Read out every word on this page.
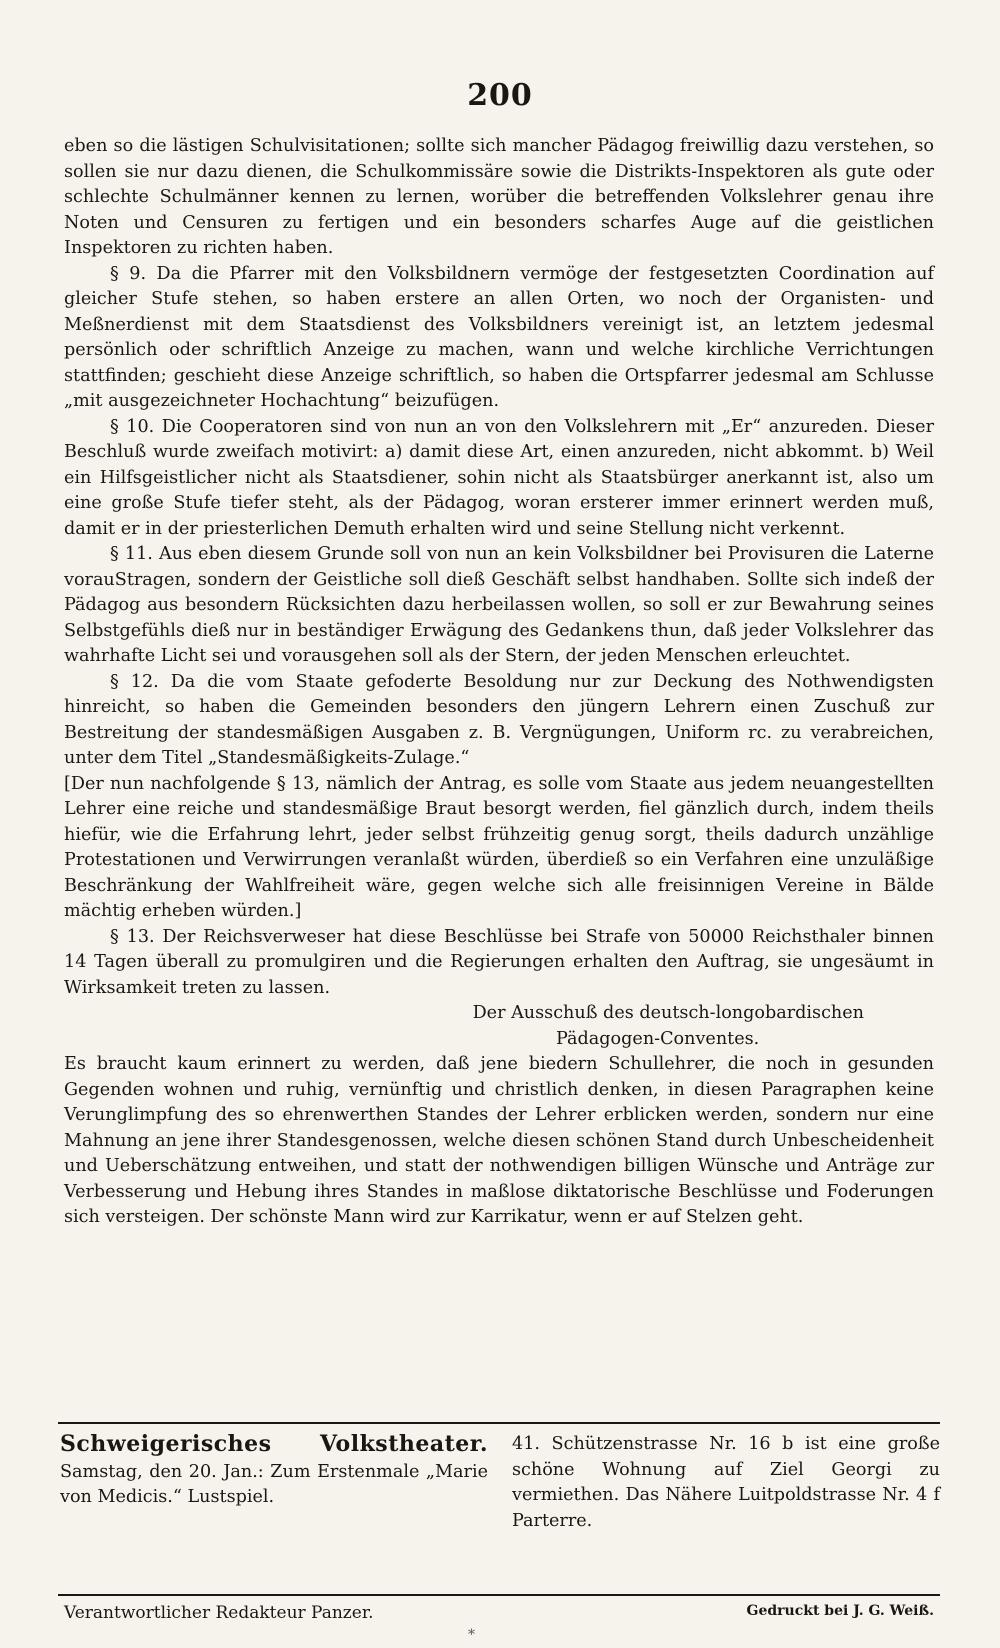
200

eben so die lästigen Schulvisitationen; sollte sich mancher Pädagog freiwillig dazu verstehen, so sollen sie nur dazu dienen, die Schulkommissäre sowie die Distrikts-Inspektoren als gute oder schlechte Schulmänner kennen zu lernen, worüber die betreffenden Volkslehrer genau ihre Noten und Censuren zu fertigen und ein besonders scharfes Auge auf die geistlichen Inspektoren zu richten haben.

§ 9. Da die Pfarrer mit den Volksbildnern vermöge der festgesetzten Coordination auf gleicher Stufe stehen, so haben erstere an allen Orten, wo noch der Organisten- und Meßnerdienst mit dem Staatsdienst des Volksbildners vereinigt ist, an letztem jedesmal persönlich oder schriftlich Anzeige zu machen, wann und welche kirchliche Verrichtungen stattfinden; geschieht diese Anzeige schriftlich, so haben die Ortspfarrer jedesmal am Schlusse „mit ausgezeichneter Hochachtung“ beizufügen.

§ 10. Die Cooperatoren sind von nun an von den Volkslehrern mit „Er“ anzureden. Dieser Beschluß wurde zweifach motivirt: a) damit diese Art, einen anzureden, nicht abkommt. b) Weil ein Hilfsgeistlicher nicht als Staatsdiener, sohin nicht als Staatsbürger anerkannt ist, also um eine große Stufe tiefer steht, als der Pädagog, woran ersterer immer erinnert werden muß, damit er in der priesterlichen Demuth erhalten wird und seine Stellung nicht verkennt.

§ 11. Aus eben diesem Grunde soll von nun an kein Volksbildner bei Provisuren die Laterne vorauStragen, sondern der Geistliche soll dieß Geschäft selbst handhaben. Sollte sich indeß der Pädagog aus besondern Rücksichten dazu herbeilassen wollen, so soll er zur Bewahrung seines Selbstgefühls dieß nur in beständiger Erwägung des Gedankens thun, daß jeder Volkslehrer das wahrhafte Licht sei und vorausgehen soll als der Stern, der jeden Menschen erleuchtet.

§ 12. Da die vom Staate gefoderte Besoldung nur zur Deckung des Nothwendigsten hinreicht, so haben die Gemeinden besonders den jüngern Lehrern einen Zuschuß zur Bestreitung der standesmäßigen Ausgaben z. B. Vergnügungen, Uniform rc. zu verabreichen, unter dem Titel „Standesmäßigkeits-Zulage.“

[Der nun nachfolgende § 13, nämlich der Antrag, es solle vom Staate aus jedem neuangestellten Lehrer eine reiche und standesmäßige Braut besorgt werden, fiel gänzlich durch, indem theils hiefür, wie die Erfahrung lehrt, jeder selbst frühzeitig genug sorgt, theils dadurch unzählige Protestationen und Verwirrungen veranlaßt würden, überdieß so ein Verfahren eine unzuläßige Beschränkung der Wahlfreiheit wäre, gegen welche sich alle freisinnigen Vereine in Bälde mächtig erheben würden.]

§ 13. Der Reichsverweser hat diese Beschlüsse bei Strafe von 50000 Reichsthaler binnen 14 Tagen überall zu promulgiren und die Regierungen erhalten den Auftrag, sie ungesäumt in Wirksamkeit treten zu lassen.

Der Ausschuß des deutsch-longobardischen

Pädagogen-Conventes.

Es braucht kaum erinnert zu werden, daß jene biedern Schullehrer, die noch in gesunden Gegenden wohnen und ruhig, vernünftig und christlich denken, in diesen Paragraphen keine Verunglimpfung des so ehrenwerthen Standes der Lehrer erblicken werden, sondern nur eine Mahnung an jene ihrer Standesgenossen, welche diesen schönen Stand durch Unbescheidenheit und Ueberschätzung entweihen, und statt der nothwendigen billigen Wünsche und Anträge zur Verbesserung und Hebung ihres Standes in maßlose diktatorische Beschlüsse und Foderungen sich versteigen. Der schönste Mann wird zur Karrikatur, wenn er auf Stelzen geht.

Schweigerisches Volkstheater. Samstag, den 20. Jan.: Zum Erstenmale „Marie von Medicis.“ Lustspiel.
41. Schützenstrasse Nr. 16 b ist eine große schöne Wohnung auf Ziel Georgi zu vermiethen. Das Nähere Luitpoldstrasse Nr. 4 f Parterre.
Verantwortlicher Redakteur Panzer.	Gedruckt bei J. G. Weiß.
*
